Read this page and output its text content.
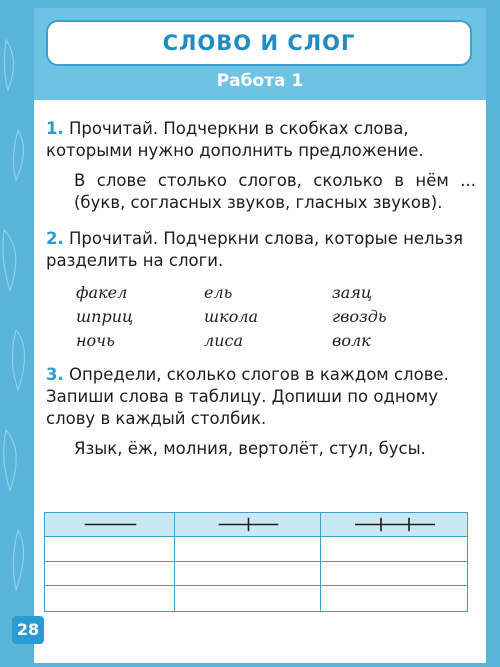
СЛОВО И СЛОГ
Работа 1

1. Прочитай. Подчеркни в скобках слова, которыми нужно дополнить предложение.

В слове столько слогов, сколько в нём ... (букв, согласных звуков, гласных звуков).

2. Прочитай. Подчеркни слова, которые нельзя разделить на слоги.

факел	ель	заяц
шприц	школа	гвоздь
ночь	лиса	волк

3. Определи, сколько слогов в каждом слове. Запиши слова в таблицу. Допиши по одному слову в каждый столбик.

Язык, ёж, молния, вертолёт, стул, бусы.

28
